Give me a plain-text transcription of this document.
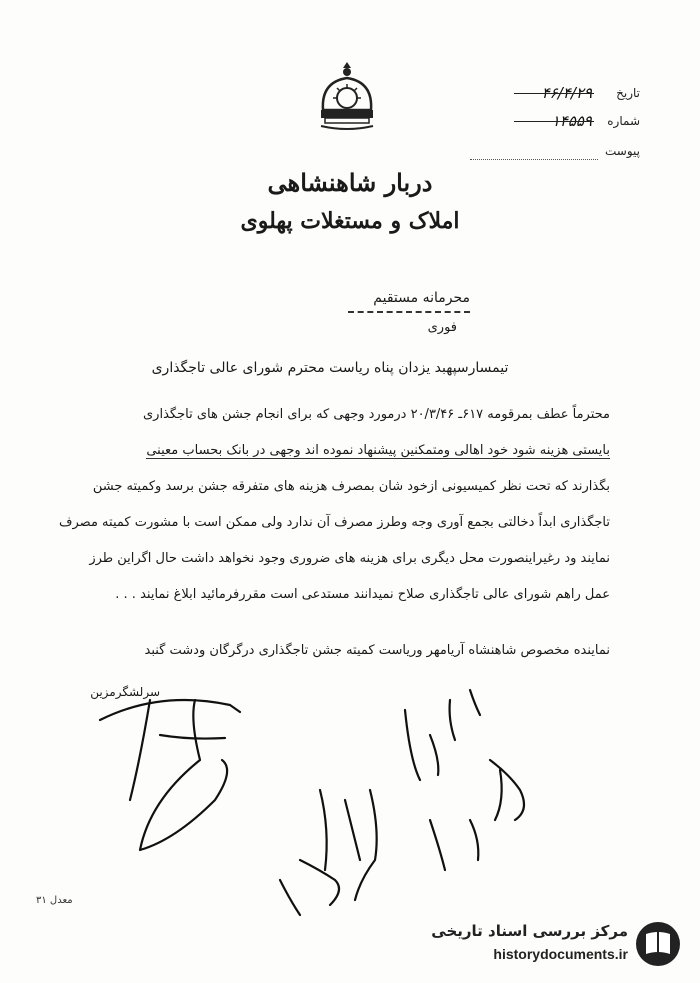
تاریخ
۴۶/۴/۲۹
شماره
۱۴۵۵۹
پیوست
دربار شاهنشاهی
املاک و مستغلات پهلوی
محرمانه مستقیم
فوری
تیمسارسپهبد یزدان پناه ریاست محترم شورای عالی تاجگذاری

محترماً عطف بمرقومه ۶۱۷ـ ۲۰/۳/۴۶ درمورد وجهی که برای انجام جشن های تاجگذاری

بایستی هزینه شود خود اهالی ومتمکنین پیشنهاد نموده اند وجهی در بانک بحساب معینی

بگذارند که تحت نظر کمیسیونی ازخود شان بمصرف هزینه های متفرقه جشن برسد وکمیته جشن

تاجگذاری ابداً دخالتی بجمع آوری وجه وطرز مصرف آن ندارد ولی ممکن است با مشورت کمیته مصرف

نمایند ود رغیراینصورت محل دیگری برای هزینه های ضروری وجود نخواهد داشت حال اگراین طرز

عمل راهم شورای عالی تاجگذاری صلاح نمیدانند مستدعی است مقررفرمائید ابلاغ نمایند . . .

نماینده مخصوص شاهنشاه آریامهر وریاست کمیته جشن تاجگذاری درگرگان ودشت گنبد
سرلشگرمزین
معدل ۳۱
مرکز بررسی اسناد تاریخی
historydocuments.ir
